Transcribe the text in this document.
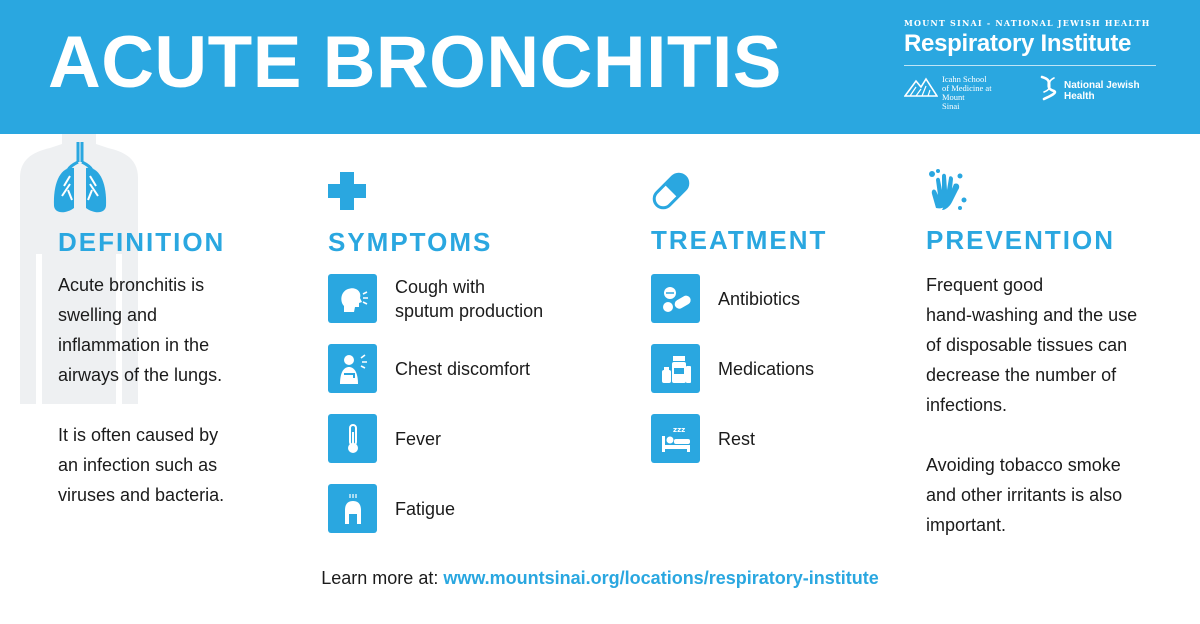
ACUTE BRONCHITIS	MOUNT SINAI - NATIONAL JEWISH HEALTH
Respiratory Institute
Icahn School
of Medicine at
Mount
Sinai
National Jewish
Health
DEFINITION

Acute bronchitis is

swelling and

inflammation in the

airways of the lungs.

It is often caused by

an infection such as

viruses and bacteria.

SYMPTOMS
Cough with
sputum production
Chest discomfort
Fever
Fatigue
TREATMENT
Antibiotics
Medications
zzz Rest
PREVENTION

Frequent good

hand-washing and the use

of disposable tissues can

decrease the number of

infections.

Avoiding tobacco smoke

and other irritants is also

important.

Learn more at: www.mountsinai.org/locations/respiratory-institute
